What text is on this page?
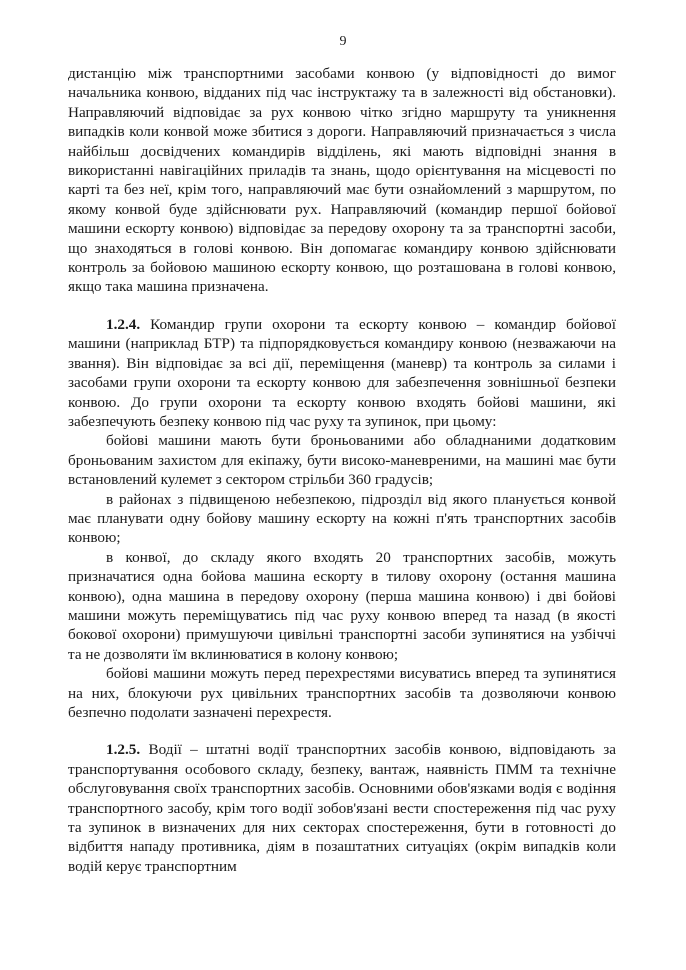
9

дистанцію між транспортними засобами конвою (у відповідності до вимог начальника конвою, відданих під час інструктажу та в залежності від обстановки). Направляючий відповідає за рух конвою чітко згідно маршруту та уникнення випадків коли конвой може збитися з дороги. Направляючий призначається з числа найбільш досвідчених командирів відділень, які мають відповідні знання в використанні навігаційних приладів та знань, щодо орієнтування на місцевості по карті та без неї, крім того, направляючий має бути ознайомлений з маршрутом, по якому конвой буде здійснювати рух. Направляючий (командир першої бойової машини ескорту конвою) відповідає за передову охорону та за транспортні засоби, що знаходяться в голові конвою. Він допомагає командиру конвою здійснювати контроль за бойовою машиною ескорту конвою, що розташована в голові конвою, якщо така машина призначена.

1.2.4. Командир групи охорони та ескорту конвою – командир бойової машини (наприклад БТР) та підпорядковується командиру конвою (незважаючи на звання). Він відповідає за всі дії, переміщення (маневр) та контроль за силами і засобами групи охорони та ескорту конвою для забезпечення зовнішньої безпеки конвою. До групи охорони та ескорту конвою входять бойові машини, які забезпечують безпеку конвою під час руху та зупинок, при цьому:

бойові машини мають бути броньованими або обладнаними додатковим броньованим захистом для екіпажу, бути високо-маневреними, на машині має бути встановлений кулемет з сектором стрільби 360 градусів;

в районах з підвищеною небезпекою, підрозділ від якого планується конвой має планувати одну бойову машину ескорту на кожні п'ять транспортних засобів конвою;

в конвої, до складу якого входять 20 транспортних засобів, можуть призначатися одна бойова машина ескорту в тилову охорону (остання машина конвою), одна машина в передову охорону (перша машина конвою) і дві бойові машини можуть переміщуватись під час руху конвою вперед та назад (в якості бокової охорони) примушуючи цивільні транспортні засоби зупинятися на узбіччі та не дозволяти їм вклинюватися в колону конвою;

бойові машини можуть перед перехрестями висуватись вперед та зупинятися на них, блокуючи рух цивільних транспортних засобів та дозволяючи конвою безпечно подолати зазначені перехрестя.

1.2.5. Водії – штатні водії транспортних засобів конвою, відповідають за транспортування особового складу, безпеку, вантаж, наявність ПММ та технічне обслуговування своїх транспортних засобів. Основними обов'язками водія є водіння транспортного засобу, крім того водії зобов'язані вести спостереження під час руху та зупинок в визначених для них секторах спостереження, бути в готовності до відбиття нападу противника, діям в позаштатних ситуаціях (окрім випадків коли водій керує транспортним
